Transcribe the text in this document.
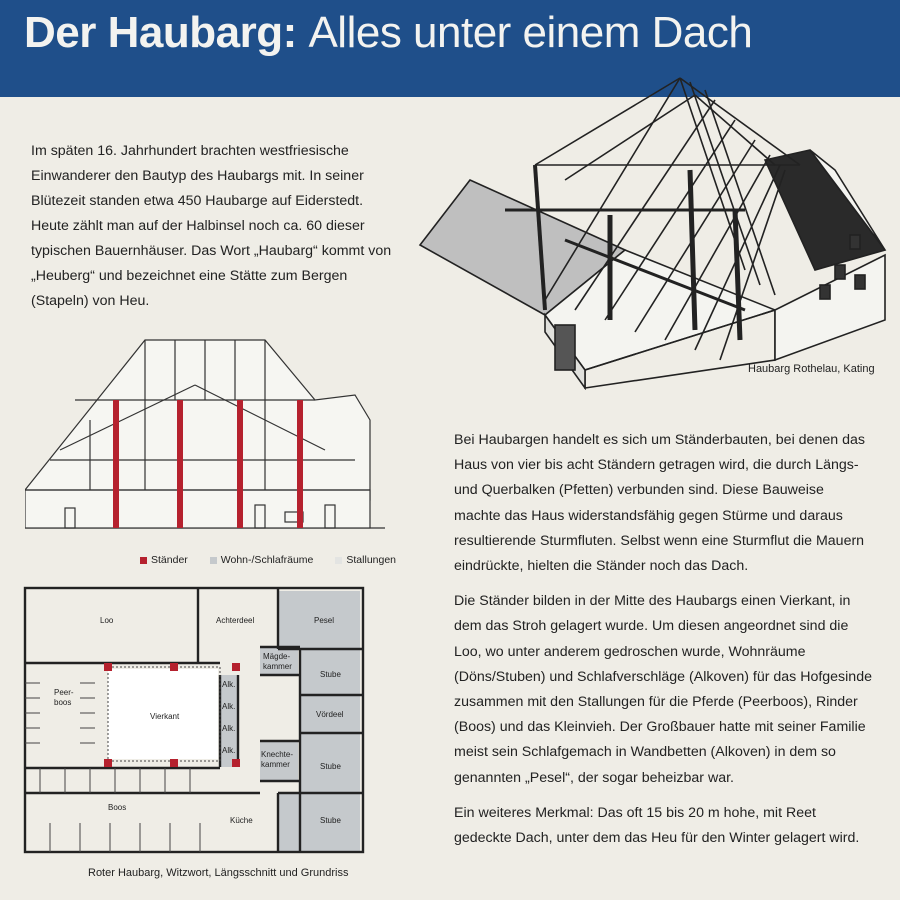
Der Haubarg: Alles unter einem Dach

Im späten 16. Jahrhundert brachten westfriesische Einwanderer den Bautyp des Haubargs mit. In seiner Blütezeit standen etwa 450 Haubarge auf Eiderstedt. Heute zählt man auf der Halbinsel noch ca. 60 dieser typischen Bauernhäuser. Das Wort „Haubarg“ kommt von „Heuberg“ und bezeichnet eine Stätte zum Bergen (Stapeln) von Heu.

Haubarg Rothelau, Kating
Ständer	Wohn-/Schlafräume	Stallungen
Loo	Achterdeel	Pesel
Mägde-
kammer
Stube
Peer-
boos
Vierkant
Alk.
Alk.
Alk.
Alk.
Vördeel
Knechte-
kammer	Stube
Boos
Küche	Stube
Roter Haubarg, Witzwort, Längsschnitt und Grundriss

Bei Haubargen handelt es sich um Ständerbauten, bei denen das Haus von vier bis acht Ständern getragen wird, die durch Längs- und Querbalken (Pfetten) verbunden sind. Diese Bauweise machte das Haus widerstandsfähig gegen Stürme und daraus resultierende Sturmfluten. Selbst wenn eine Sturmflut die Mauern eindrückte, hielten die Ständer noch das Dach.

Die Ständer bilden in der Mitte des Haubargs einen Vierkant, in dem das Stroh gelagert wurde. Um diesen angeordnet sind die Loo, wo unter anderem gedroschen wurde, Wohnräume (Döns/Stuben) und Schlafverschläge (Alkoven) für das Hofgesinde zusammen mit den Stallungen für die Pferde (Peerboos), Rinder (Boos) und das Kleinvieh. Der Großbauer hatte mit seiner Familie meist sein Schlafgemach in Wandbetten (Alkoven) in dem so genannten „Pesel“, der sogar beheizbar war.

Ein weiteres Merkmal: Das oft 15 bis 20 m hohe, mit Reet gedeckte Dach, unter dem das Heu für den Winter gelagert wird.
